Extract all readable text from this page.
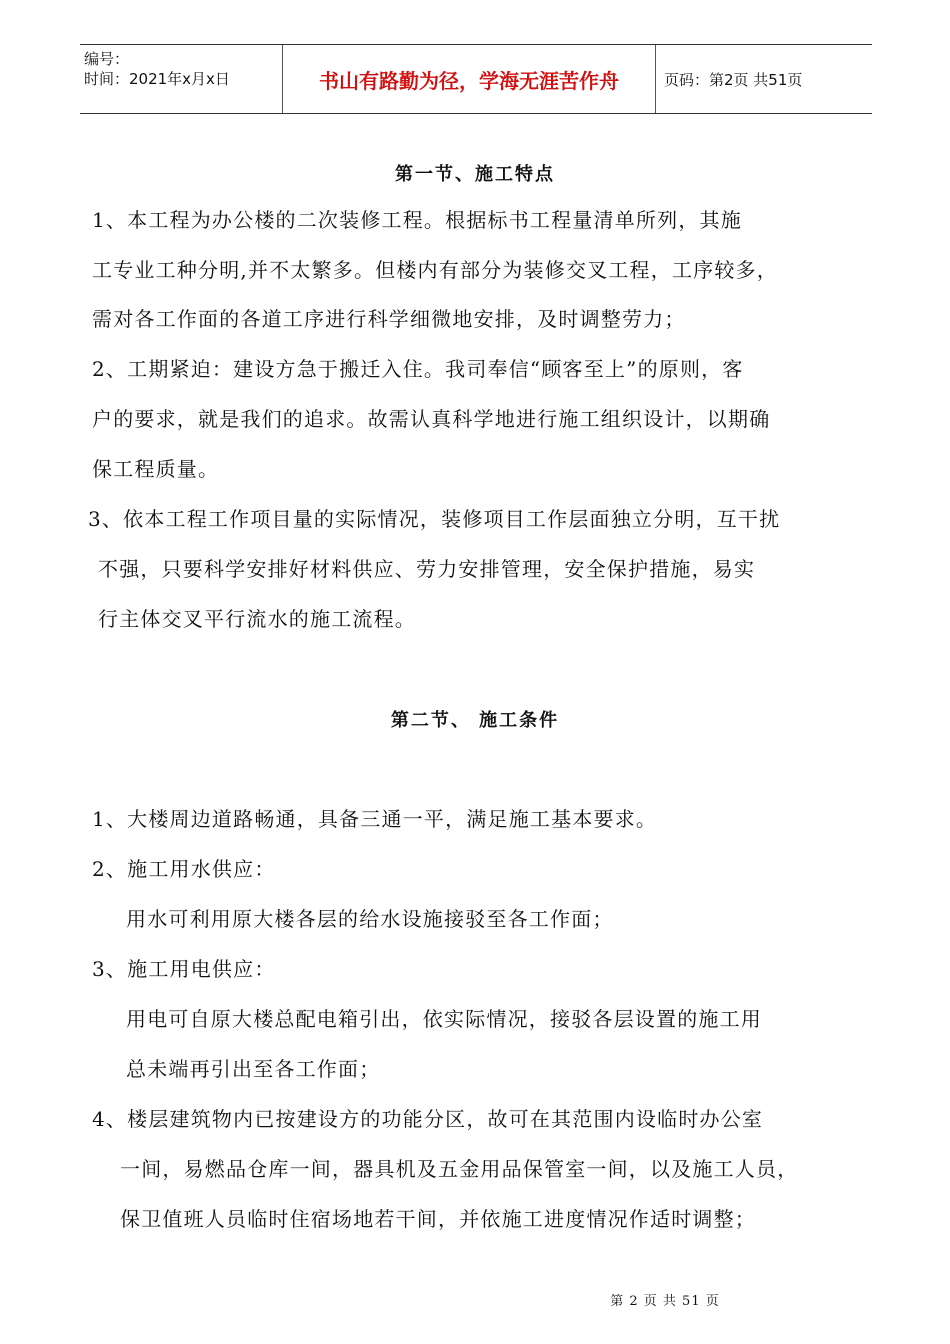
编号：
时间：2021年x月x日	书山有路勤为径，学海无涯苦作舟	页码：第2页 共51页
第一节、施工特点
1、本工程为办公楼的二次装修工程。根据标书工程量清单所列，其施
工专业工种分明,并不太繁多。但楼内有部分为装修交叉工程，工序较多，
需对各工作面的各道工序进行科学细微地安排，及时调整劳力；
2、工期紧迫：建设方急于搬迁入住。我司奉信“顾客至上”的原则，客
户的要求，就是我们的追求。故需认真科学地进行施工组织设计，以期确
保工程质量。
3、依本工程工作项目量的实际情况，装修项目工作层面独立分明，互干扰
不强，只要科学安排好材料供应、劳力安排管理，安全保护措施，易实
行主体交叉平行流水的施工流程。
第二节、 施工条件
1、大楼周边道路畅通，具备三通一平，满足施工基本要求。
2、施工用水供应：
用水可利用原大楼各层的给水设施接驳至各工作面；
3、施工用电供应：
用电可自原大楼总配电箱引出，依实际情况，接驳各层设置的施工用
总未端再引出至各工作面；
4、楼层建筑物内已按建设方的功能分区，故可在其范围内设临时办公室
一间，易燃品仓库一间，器具机及五金用品保管室一间，以及施工人员，
保卫值班人员临时住宿场地若干间，并依施工进度情况作适时调整；
第 2 页 共 51 页
